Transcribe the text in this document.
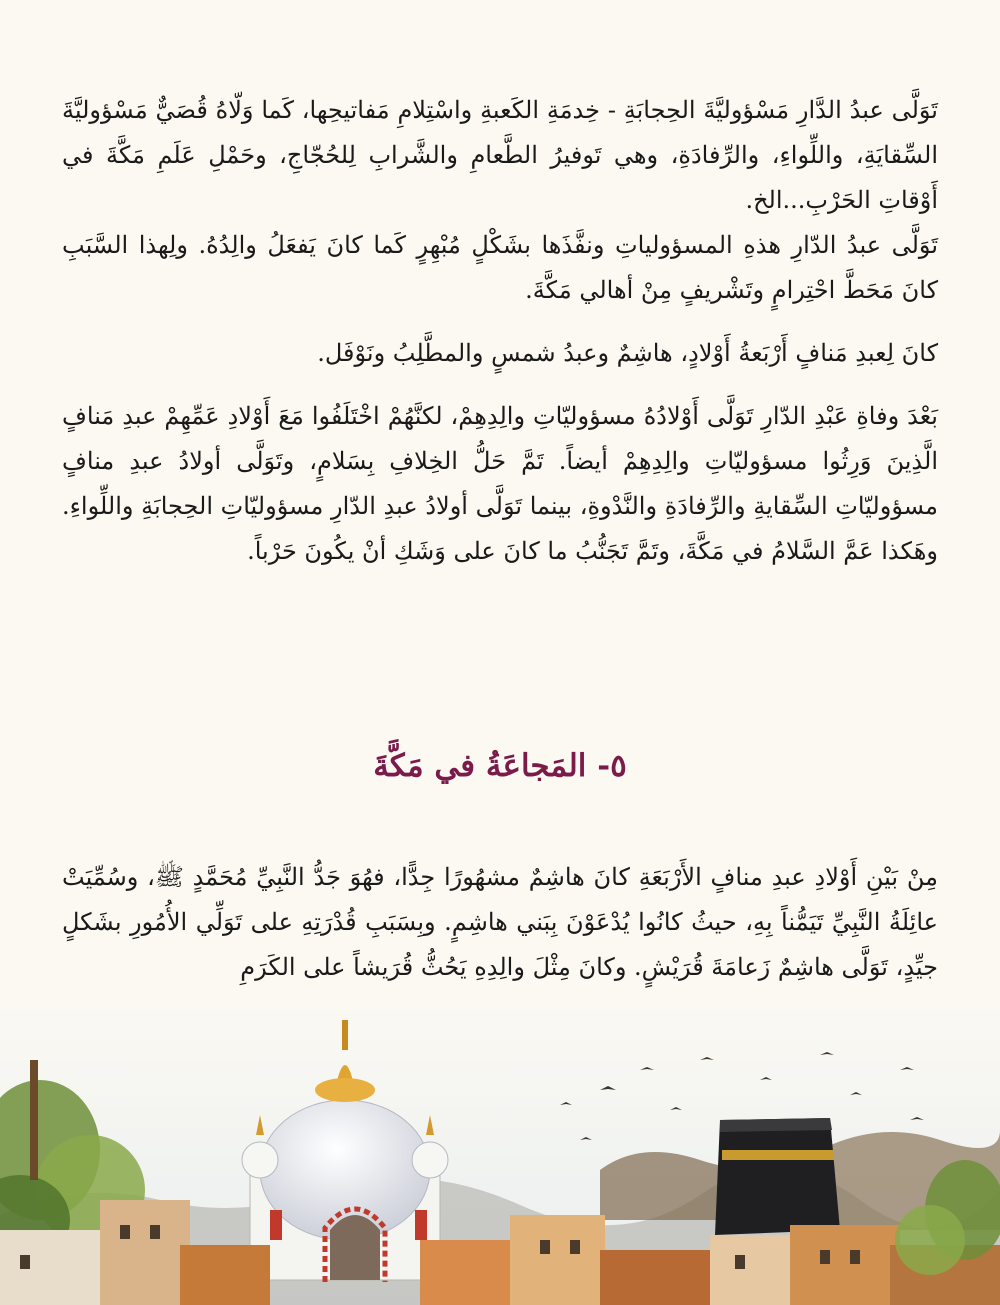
تَوَلَّى عبدُ الدَّارِ مَسْؤوليَّةَ الحِجابَةِ - خِدمَةِ الكَعبةِ واسْتِلامِ مَفاتيحِها، كَما وَلّاهُ قُصَيٌّ مَسْؤوليَّةَ السِّقايَةِ، واللِّواءِ، والرِّفادَةِ، وهي تَوفيرُ الطَّعامِ والشَّرابِ لِلحُجّاجِ، وحَمْلِ عَلَمِ مَكَّةَ في أَوْقاتِ الحَرْبِ...الخ.

تَوَلَّى عبدُ الدّارِ هذهِ المسؤولياتِ ونفَّذَها بشَكْلٍ مُبْهِرٍ كَما كانَ يَفعَلُ والِدُهُ. ولِهذا السَّبَبِ كانَ مَحَطَّ احْتِرامٍ وتَشْريفٍ مِنْ أهالي مَكَّةَ.

كانَ لِعبدِ مَنافٍ أَرْبَعةُ أَوْلادٍ، هاشِمٌ وعبدُ شمسٍ والمطَّلِبُ ونَوْفَل.

بَعْدَ وفاةِ عَبْدِ الدّارِ تَوَلَّى أَوْلادُهُ مسؤوليّاتِ والِدِهِمْ، لكنَّهُمْ اخْتَلَفُوا مَعَ أَوْلادِ عَمِّهِمْ عبدِ مَنافٍ الَّذِينَ وَرِثُوا مسؤوليّاتِ والِدِهِمْ أيضاً. تَمَّ حَلُّ الخِلافِ بِسَلامٍ، وتَوَلَّى أولادُ عبدِ منافٍ مسؤوليّاتِ السِّقايةِ والرِّفادَةِ والنَّدْوةِ، بينما تَوَلَّى أولادُ عبدِ الدّارِ مسؤوليّاتِ الحِجابَةِ واللِّواءِ. وهَكذا عَمَّ السَّلامُ في مَكَّةَ، وتَمَّ تَجَنُّبُ ما كانَ على وَشَكِ أنْ يكُونَ حَرْباً.

٥- المَجاعَةُ في مَكَّةَ

مِنْ بَيْنِ أَوْلادِ عبدِ منافٍ الأَرْبَعَةِ كانَ هاشِمٌ مشهُورًا جِدًّا، فهُوَ جَدُّ النَّبِيِّ مُحَمَّدٍ ﷺ، وسُمِّيَتْ عائِلَةُ النَّبِيِّ تَيَمُّناً بِهِ، حيثُ كانُوا يُدْعَوْنَ بِبَني هاشِمٍ. وبِسَبَبِ قُدْرَتِهِ على تَوَلِّي الأُمُورِ بشَكلٍ جيِّدٍ، تَوَلَّى هاشِمٌ زَعامَةَ قُرَيْشٍ. وكانَ مِثْلَ والِدِهِ يَحُثُّ قُرَيشاً على الكَرَمِ
